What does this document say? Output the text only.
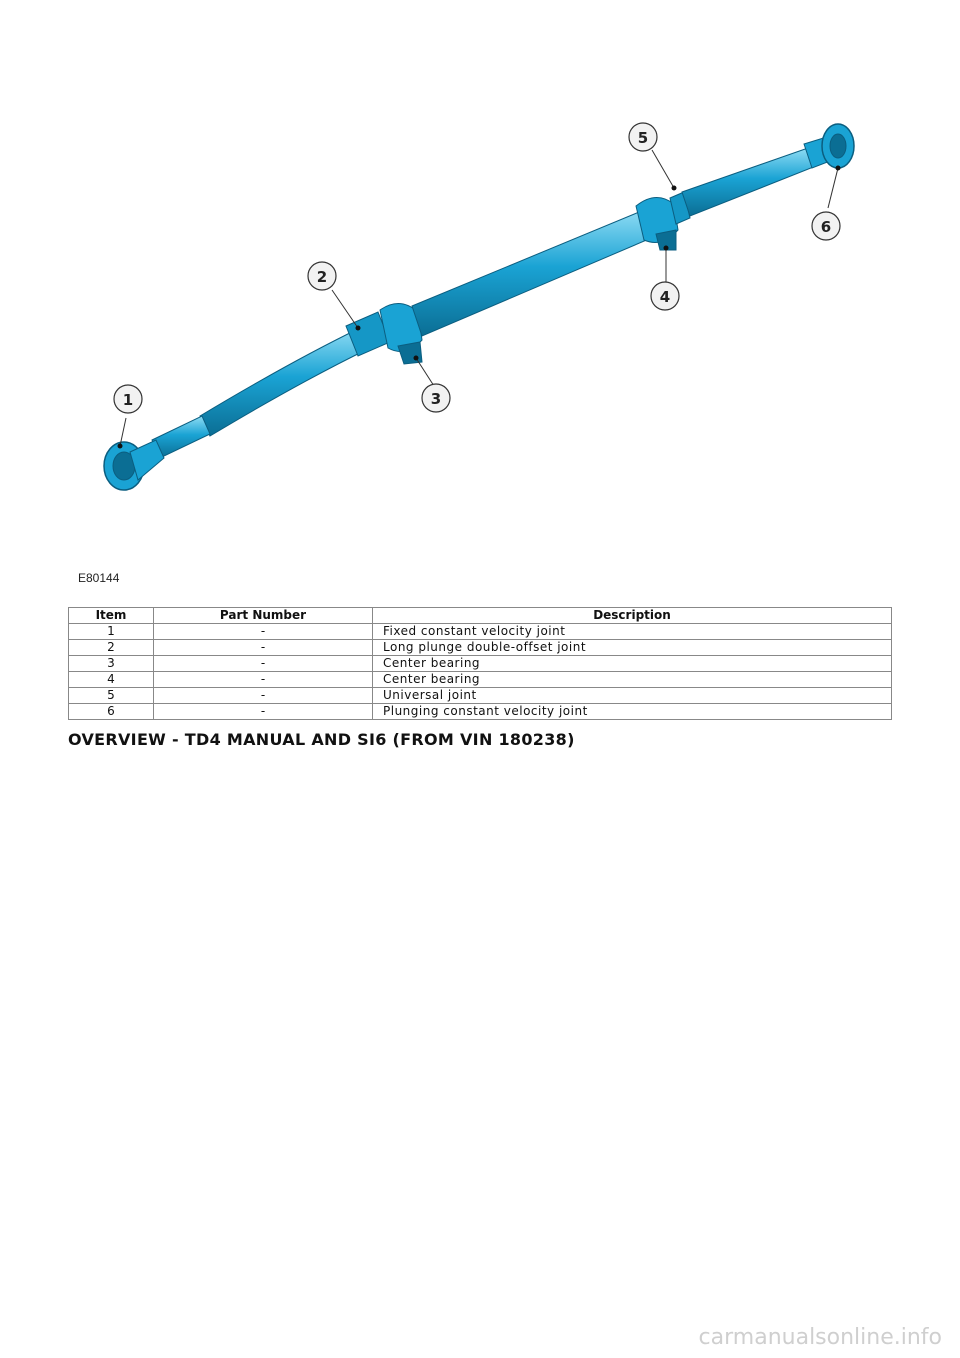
1
2
3
4
5
6
E80144
Item	Part Number	Description
1	-	Fixed constant velocity joint
2	-	Long plunge double-offset joint
3	-	Center bearing
4	-	Center bearing
5	-	Universal joint
6	-	Plunging constant velocity joint
OVERVIEW - TD4 MANUAL AND SI6 (FROM VIN 180238)
carmanualsonline.info
